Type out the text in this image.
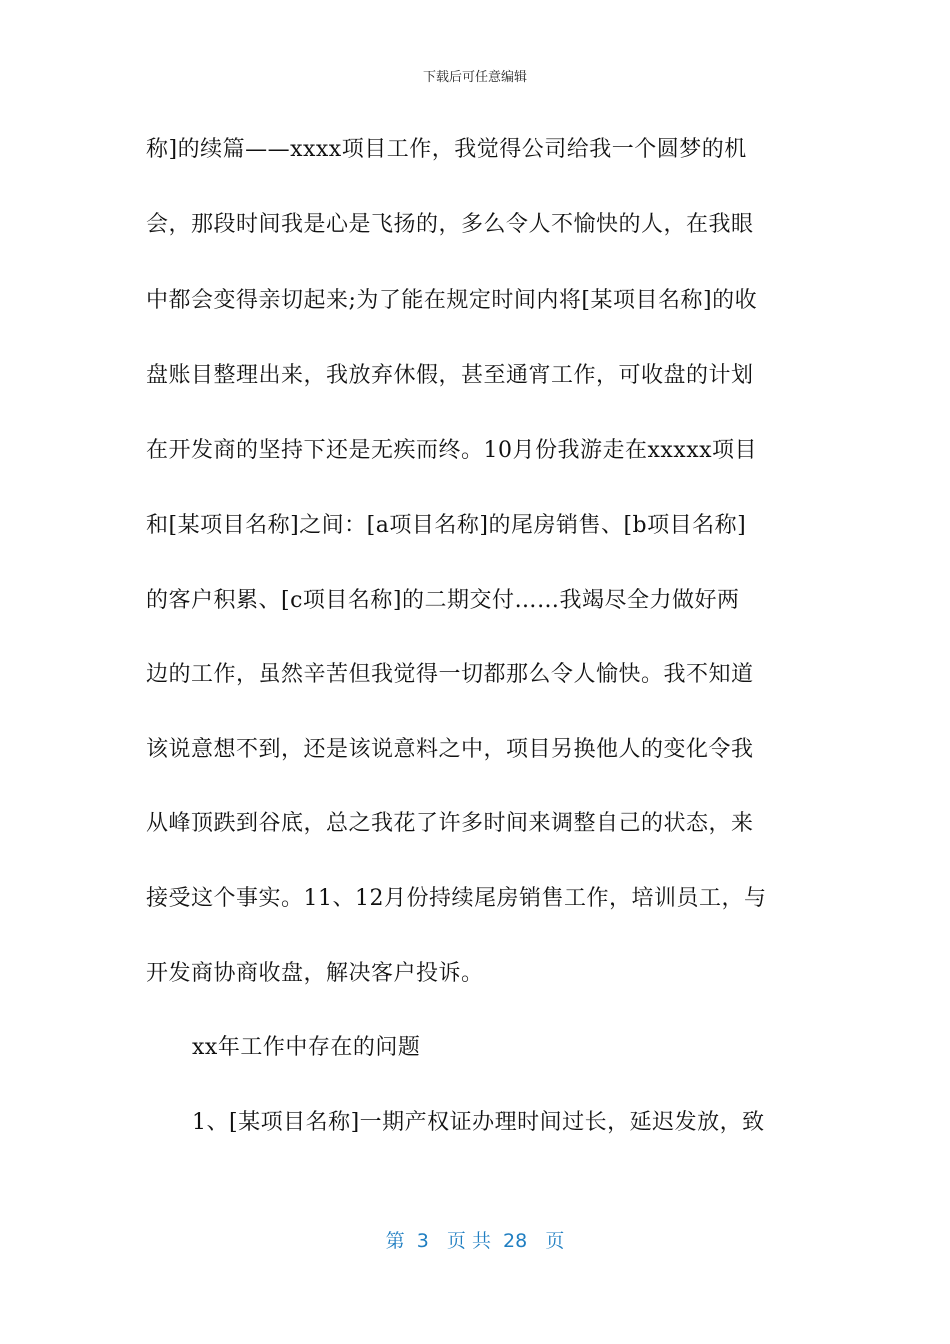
下载后可任意编辑
称]的续篇——xxxx项目工作，我觉得公司给我一个圆梦的机
会，那段时间我是心是飞扬的，多么令人不愉快的人，在我眼
中都会变得亲切起来;为了能在规定时间内将[某项目名称]的收
盘账目整理出来，我放弃休假，甚至通宵工作，可收盘的计划
在开发商的坚持下还是无疾而终。10月份我游走在xxxxx项目
和[某项目名称]之间：[a项目名称]的尾房销售、[b项目名称]
的客户积累、[c项目名称]的二期交付……我竭尽全力做好两
边的工作，虽然辛苦但我觉得一切都那么令人愉快。我不知道
该说意想不到，还是该说意料之中，项目另换他人的变化令我
从峰顶跌到谷底，总之我花了许多时间来调整自己的状态，来
接受这个事实。11、12月份持续尾房销售工作，培训员工，与
开发商协商收盘，解决客户投诉。
xx年工作中存在的问题
1、[某项目名称]一期产权证办理时间过长，延迟发放，致
第  3   页 共  28   页
